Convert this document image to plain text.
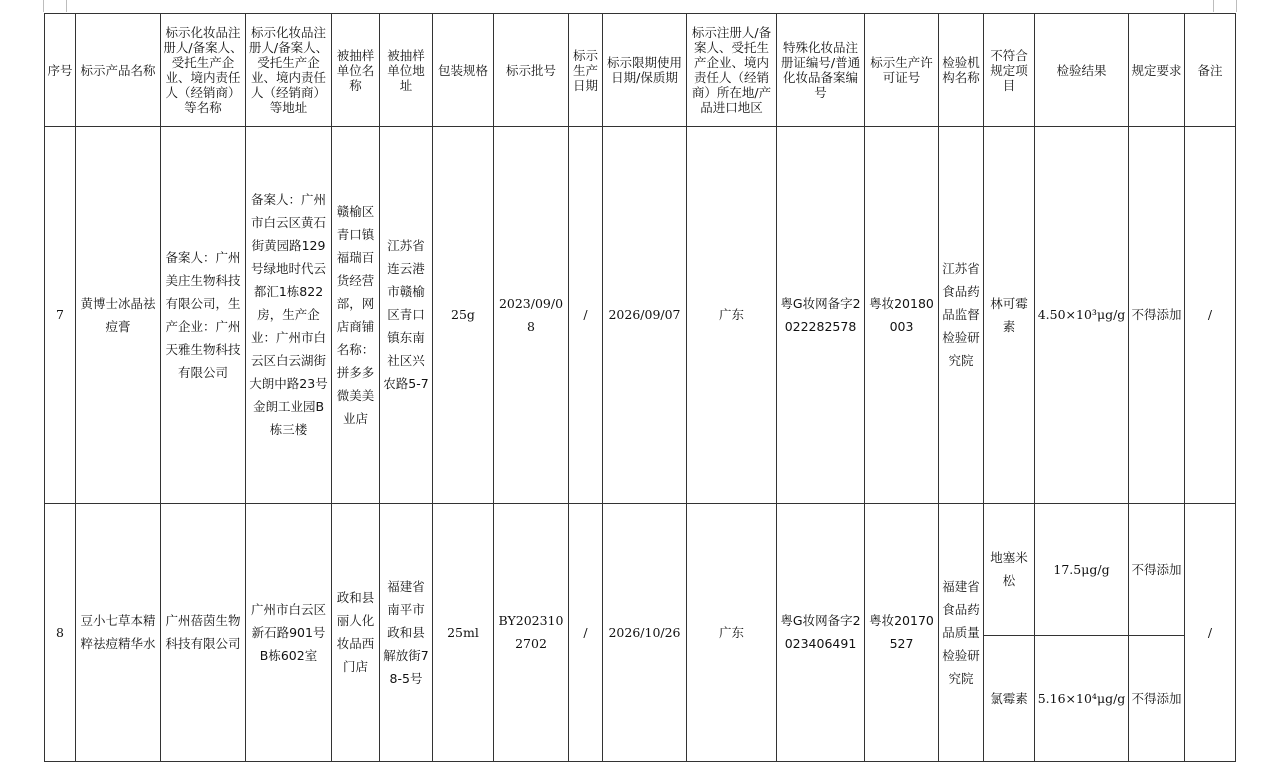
序号	标示产品名称	标示化妆品注册人/备案人、受托生产企业、境内责任人（经销商）等名称	标示化妆品注册人/备案人、受托生产企业、境内责任人（经销商）等地址	被抽样单位名称	被抽样单位地址	包装规格	标示批号	标示生产日期	标示限期使用日期/保质期	标示注册人/备案人、受托生产企业、境内责任人（经销商）所在地/产品进口地区	特殊化妆品注册证编号/普通化妆品备案编号	标示生产许可证号	检验机构名称	不符合规定项目	检验结果	规定要求	备注
7	黄博士冰晶祛痘膏	备案人：广州美庄生物科技有限公司，生产企业：广州天雅生物科技有限公司	备案人：广州市白云区黄石街黄园路129号绿地时代云都汇1栋822房，生产企业：广州市白云区白云湖街大朗中路23号金朗工业园B栋三楼	赣榆区青口镇福瑞百货经营部，网店商铺名称：拼多多微美美业店	江苏省连云港市赣榆区青口镇东南社区兴农路5-7	25g	2023/09/08	/	2026/09/07	广东	粤G妆网备字2022282578	粤妆20180003	江苏省食品药品监督检验研究院	林可霉素	4.50×10³μg/g	不得添加	/
8	豆小七草本精粹祛痘精华水	广州蓓茵生物科技有限公司	广州市白云区新石路901号B栋602室	政和县丽人化妆品西门店	福建省南平市政和县解放街78-5号	25ml	BY2023102702	/	2026/10/26	广东	粤G妆网备字2023406491	粤妆20170527	福建省食品药品质量检验研究院	地塞米松	17.5μg/g	不得添加	/
														氯霉素	5.16×10⁴μg/g	不得添加	
